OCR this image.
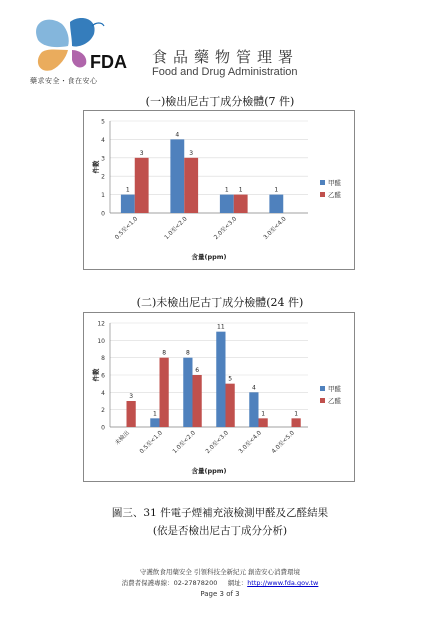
FDA
藥求安全・食在安心
食品藥物管理署
Food and Drug Administration
(一)檢出尼古丁成分檢體(7 件)
0
1
2
3
4
5
件數
1
3
0.5至<1.0
4
3
1.0至<2.0
1 1
2.0至<3.0
1
3.0至<4.0
含量(ppm)
甲醛
乙醛
(二)未檢出尼古丁成分檢體(24 件)
0
2
4
6
8
10
12
件數
3
未檢出
1
8
0.5至<1.0
8
6
1.0至<2.0
11
5
2.0至<3.0
4
1
3.0至<4.0
1
4.0至<5.0
含量(ppm)
甲醛
乙醛
圖三、31 件電子煙補充液檢測甲醛及乙醛結果
(依是否檢出尼古丁成分分析)
守護飲食用藥安全 引領科技全新紀元 創造安心消費環境
消費者保護專線：02-27878200 網址：http://www.fda.gov.tw
Page 3 of 3
